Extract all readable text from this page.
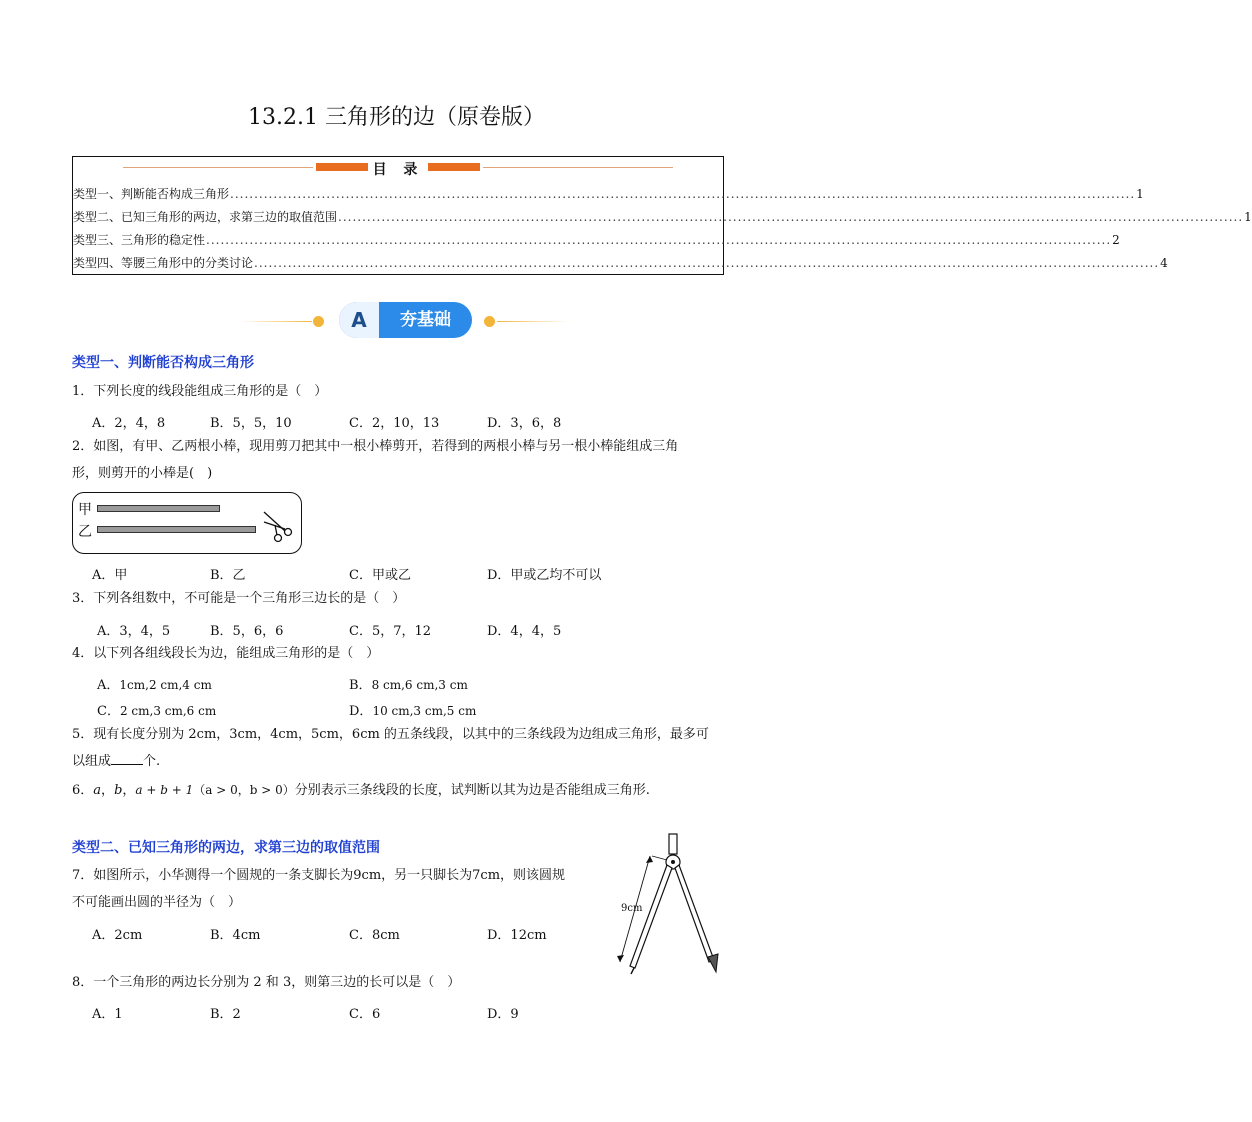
13.2.1 三角形的边（原卷版）
目 录
类型一、判断能否构成三角形 ............................................................................................................................................................................................ 1
类型二、已知三角形的两边，求第三边的取值范围 ............................................................................................................................................................................................ 1
类型三、三角形的稳定性 ............................................................................................................................................................................................ 2
类型四、等腰三角形中的分类讨论 ............................................................................................................................................................................................ 4
A	夯基础
类型一、判断能否构成三角形
1．下列长度的线段能组成三角形的是（　）
A．2，4，8	B．5，5，10	C．2，10，13	D．3，6，8
2．如图，有甲、乙两根小棒，现用剪刀把其中一根小棒剪开，若得到的两根小棒与另一根小棒能组成三角
形，则剪开的小棒是(　)
甲
乙
A．甲	B．乙	C．甲或乙	D．甲或乙均不可以
3．下列各组数中，不可能是一个三角形三边长的是（　）
A．3，4，5	B．5，6，6	C．5，7，12	D．4，4，5
4．以下列各组线段长为边，能组成三角形的是（　）
A．1cm,2 cm,4 cm	B．8 cm,6 cm,3 cm
C．2 cm,3 cm,6 cm	D．10 cm,3 cm,5 cm
5．现有长度分别为 2cm，3cm，4cm，5cm，6cm 的五条线段，以其中的三条线段为边组成三角形，最多可
以组成 个.
6．a，b，a + b + 1（a > 0，b > 0）分别表示三条线段的长度，试判断以其为边是否能组成三角形.
类型二、已知三角形的两边，求第三边的取值范围
7．如图所示，小华测得一个圆规的一条支脚长为9cm，另一只脚长为7cm，则该圆规
不可能画出圆的半径为（　）
A．2cm	B．4cm	C．8cm	D．12cm
9cm
8．一个三角形的两边长分别为 2 和 3，则第三边的长可以是（　）
A．1	B．2	C．6	D．9
